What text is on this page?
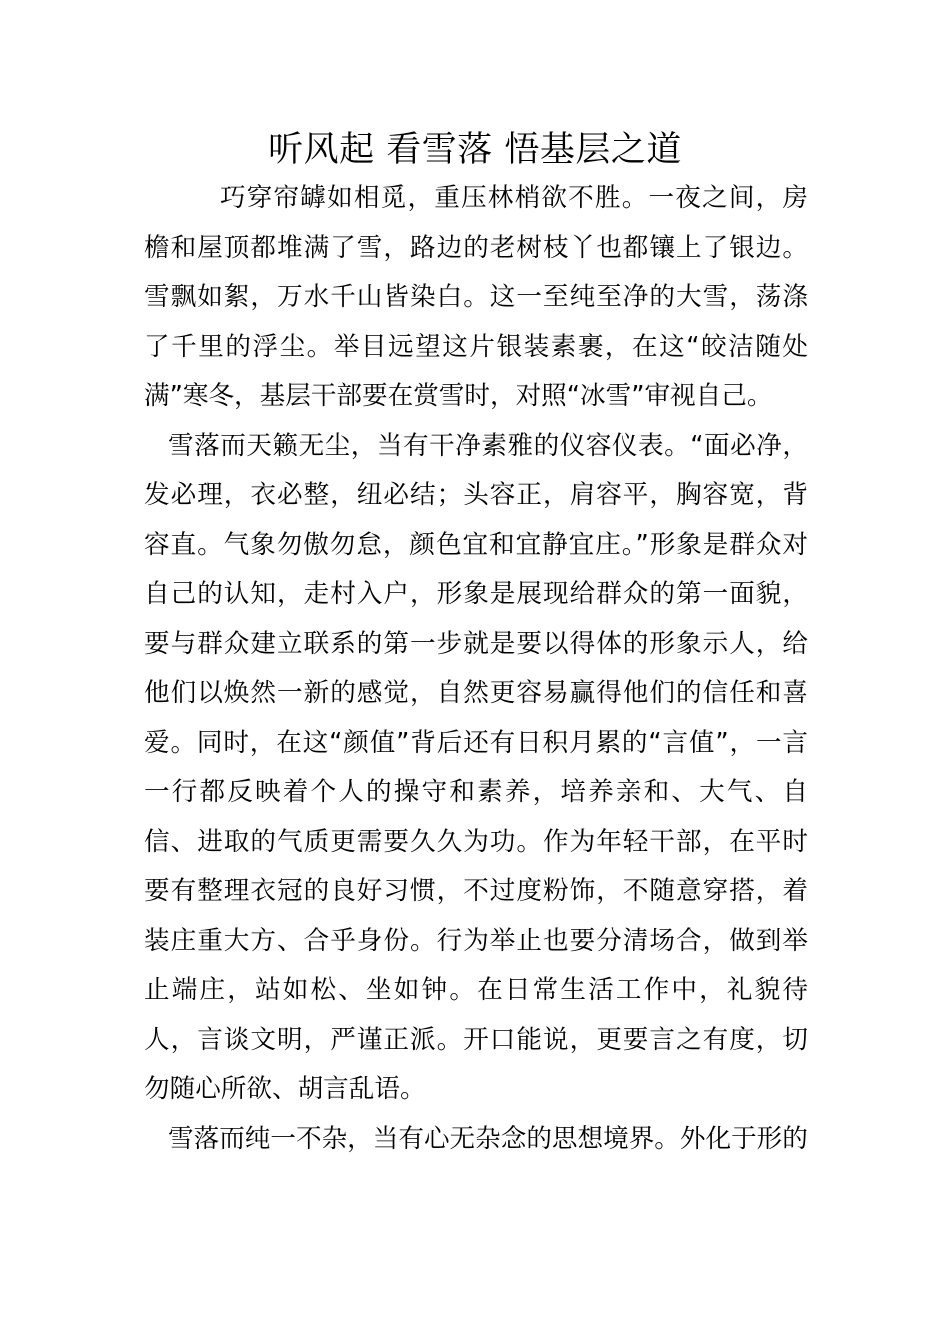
听风起 看雪落 悟基层之道

巧穿帘罅如相觅，重压林梢欲不胜。一夜之间，房檐和屋顶都堆满了雪，路边的老树枝丫也都镶上了银边。雪飘如絮，万水千山皆染白。这一至纯至净的大雪，荡涤了千里的浮尘。举目远望这片银装素裹，在这“皎洁随处满”寒冬，基层干部要在赏雪时，对照“冰雪”审视自己。

雪落而天籁无尘，当有干净素雅的仪容仪表。“面必净，发必理，衣必整，纽必结；头容正，肩容平，胸容宽，背容直。气象勿傲勿怠，颜色宜和宜静宜庄。”形象是群众对自己的认知，走村入户，形象是展现给群众的第一面貌，要与群众建立联系的第一步就是要以得体的形象示人，给他们以焕然一新的感觉，自然更容易赢得他们的信任和喜爱。同时，在这“颜值”背后还有日积月累的“言值”，一言一行都反映着个人的操守和素养，培养亲和、大气、自信、进取的气质更需要久久为功。作为年轻干部，在平时要有整理衣冠的良好习惯，不过度粉饰，不随意穿搭，着装庄重大方、合乎身份。行为举止也要分清场合，做到举止端庄，站如松、坐如钟。在日常生活工作中，礼貌待人，言谈文明，严谨正派。开口能说，更要言之有度，切勿随心所欲、胡言乱语。

雪落而纯一不杂，当有心无杂念的思想境界。外化于形的
